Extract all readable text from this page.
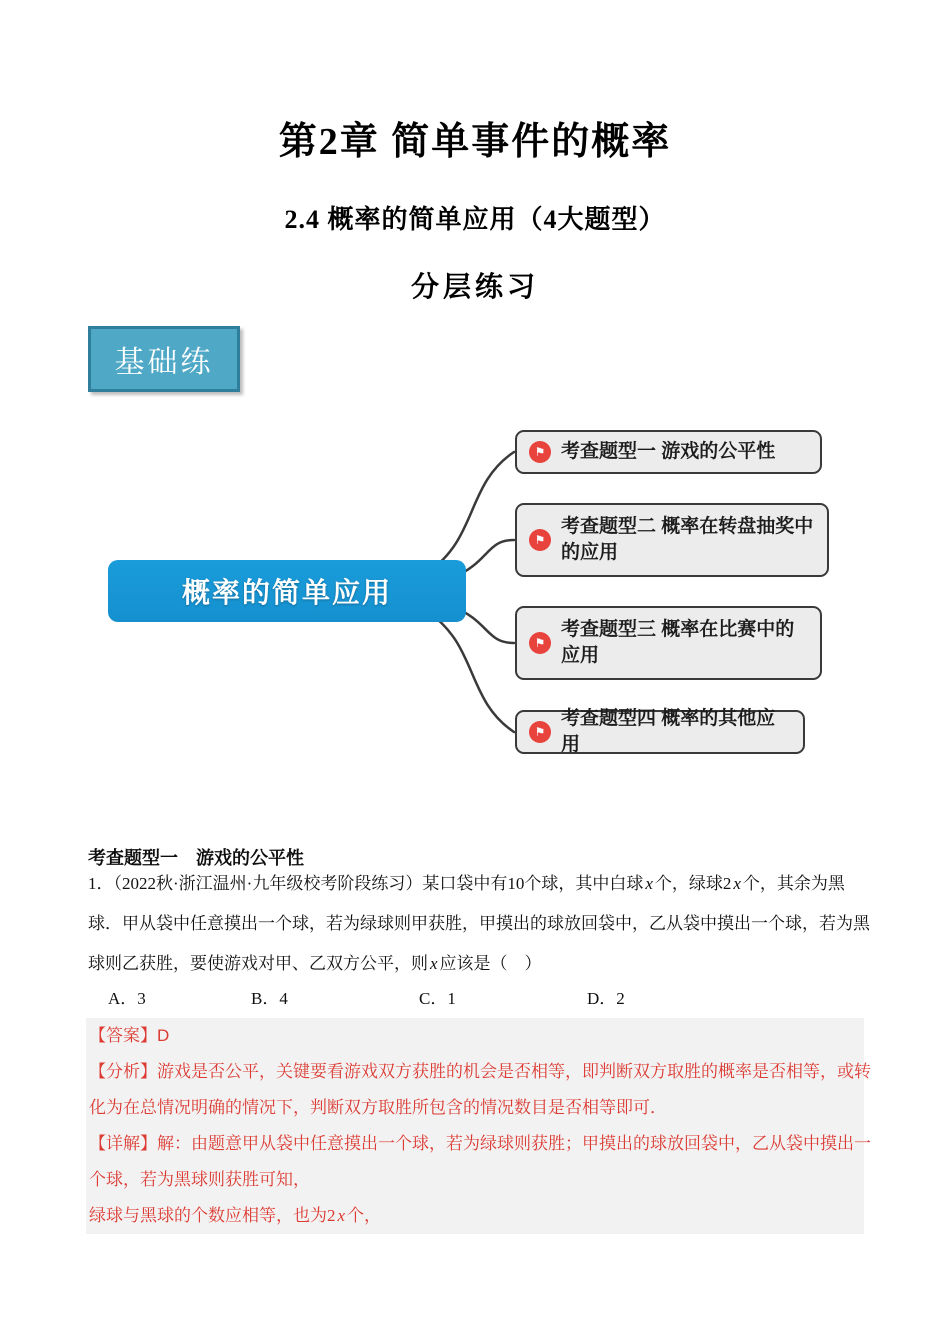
第2章 简单事件的概率
2.4 概率的简单应用（4大题型）
分层练习
基础练
概率的简单应用
⚑
考查题型一 游戏的公平性
⚑
考查题型二 概率在转盘抽奖中
的应用
⚑
考查题型三 概率在比赛中的
应用
⚑
考查题型四 概率的其他应用
考查题型一　游戏的公平性
1．（2022秋·浙江温州·九年级校考阶段练习）某口袋中有10个球，其中白球 x 个，绿球2 x 个，其余为黑
球．甲从袋中任意摸出一个球，若为绿球则甲获胜，甲摸出的球放回袋中，乙从袋中摸出一个球，若为黑
球则乙获胜，要使游戏对甲、乙双方公平，则 x 应该是（　）
A．3	B．4	C．1	D．2
【答案】D
【分析】游戏是否公平，关键要看游戏双方获胜的机会是否相等，即判断双方取胜的概率是否相等，或转
化为在总情况明确的情况下，判断双方取胜所包含的情况数目是否相等即可．
【详解】解：由题意甲从袋中任意摸出一个球，若为绿球则获胜；甲摸出的球放回袋中，乙从袋中摸出一
个球，若为黑球则获胜可知，
绿球与黑球的个数应相等，也为2 x 个，
